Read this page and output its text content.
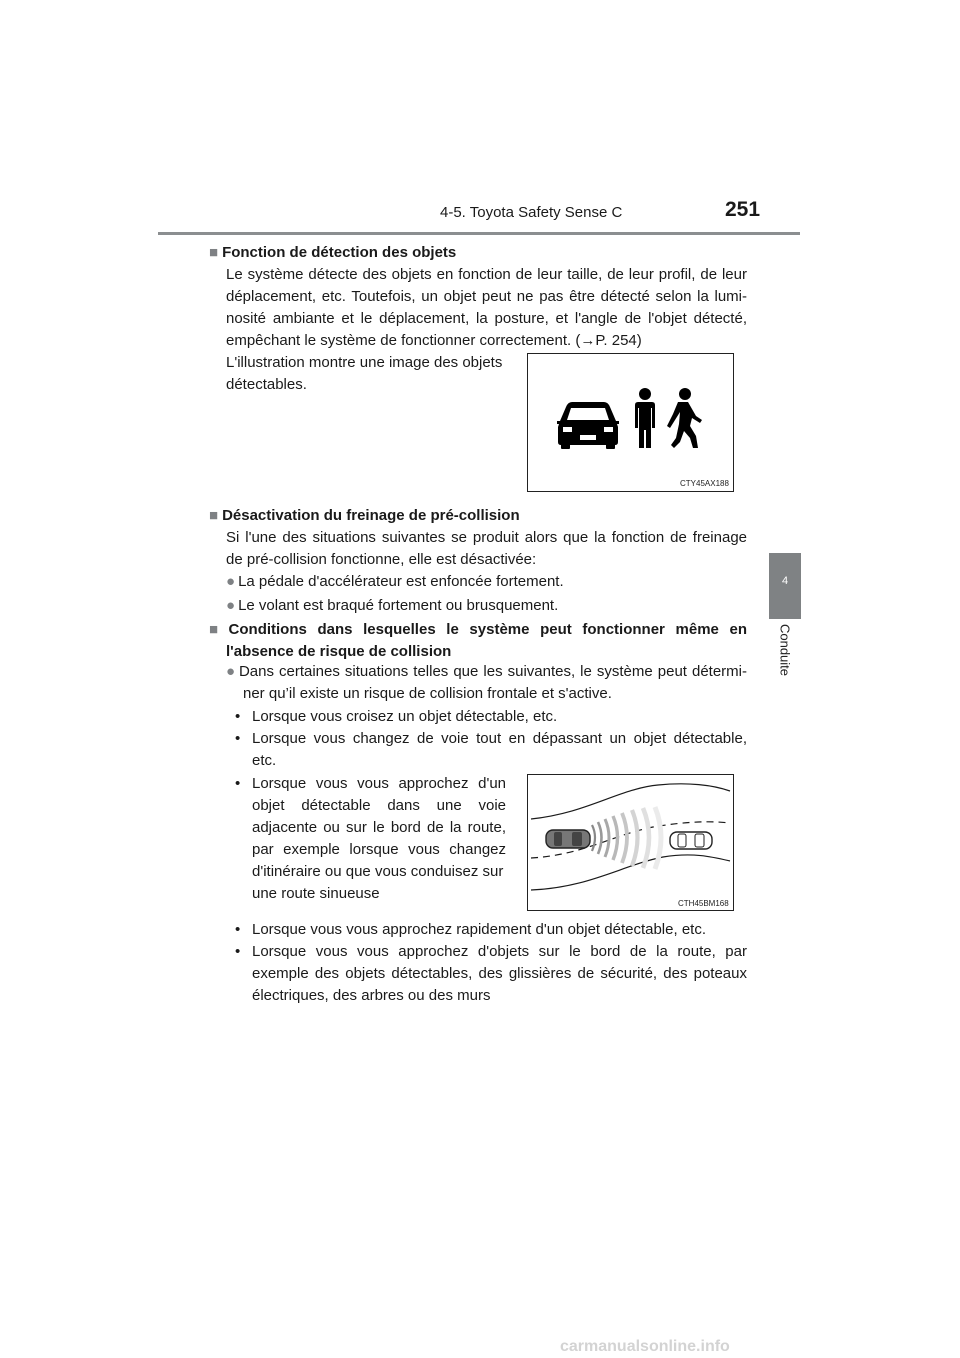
4-5. Toyota Safety Sense C	251
4
Conduite

■ Fonction de détection des objets

Le système détecte des objets en fonction de leur taille, de leur profil, de leur

déplacement, etc. Toutefois, un objet peut ne pas être détecté selon la lumi-

nosité ambiante et le déplacement, la posture, et l'angle de l'objet détecté,

empêchant le système de fonctionner correctement. (→P. 254)

L'illustration montre une image des objets

détectables.

CTY45AX188

■ Désactivation du freinage de pré-collision

Si l'une des situations suivantes se produit alors que la fonction de freinage

de pré-collision fonctionne, elle est désactivée:

● La pédale d'accélérateur est enfoncée fortement.

● Le volant est braqué fortement ou brusquement.

■ Conditions dans lesquelles le système peut fonctionner même en

l'absence de risque de collision

● Dans certaines situations telles que les suivantes, le système peut détermi-

ner qu’il existe un risque de collision frontale et s'active.

• Lorsque vous croisez un objet détectable, etc.

• Lorsque vous changez de voie tout en dépassant un objet détectable,

etc.

• Lorsque vous vous approchez d'un

objet détectable dans une voie

adjacente ou sur le bord de la route,

par exemple lorsque vous changez

d'itinéraire ou que vous conduisez sur

une route sinueuse

CTH45BM168

• Lorsque vous vous approchez rapidement d'un objet détectable, etc.

• Lorsque vous vous approchez d'objets sur le bord de la route, par

exemple des objets détectables, des glissières de sécurité, des poteaux

électriques, des arbres ou des murs

carmanualsonline.info
